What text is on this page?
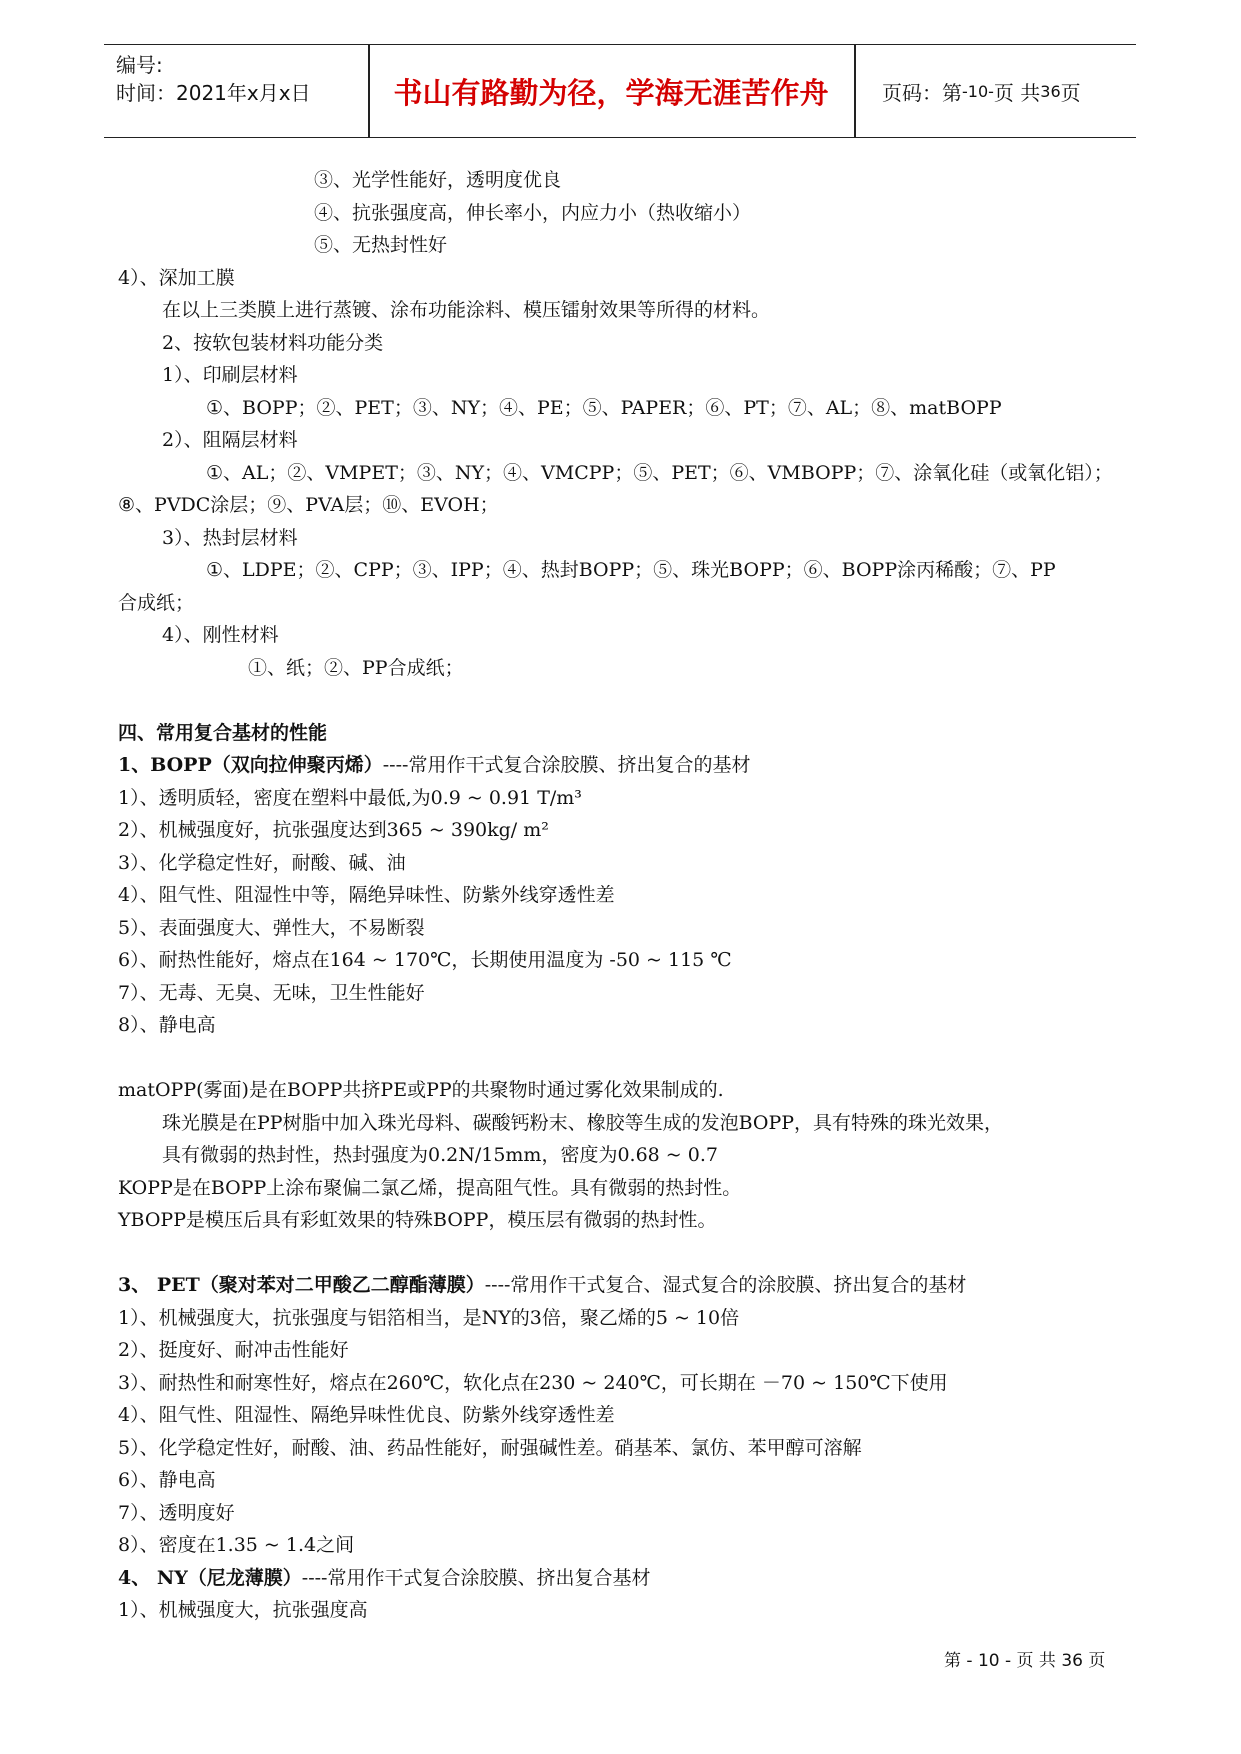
编号:
时间：2021年x月x日	书山有路勤为径，学海无涯苦作舟	页码：第 -10- 页 共 36 页
③、光学性能好，透明度优良
④、抗张强度高，伸长率小，内应力小（热收缩小）
⑤、无热封性好
4）、深加工膜
在以上三类膜上进行蒸镀、涂布功能涂料、模压镭射效果等所得的材料。
2、按软包装材料功能分类
1）、印刷层材料
①、BOPP；②、PET；③、NY；④、PE；⑤、PAPER；⑥、PT；⑦、AL；⑧、matBOPP
2）、阻隔层材料
①、AL；②、VMPET；③、NY；④、VMCPP；⑤、PET；⑥、VMBOPP；⑦、涂氧化硅（或氧化铝）；
⑧、PVDC涂层；⑨、PVA层；⑩、EVOH；
3）、热封层材料
①、LDPE；②、CPP；③、IPP；④、热封BOPP；⑤、珠光BOPP；⑥、BOPP涂丙稀酸；⑦、PP
合成纸；
4）、刚性材料
①、纸；②、PP合成纸；
四、常用复合基材的性能
1、BOPP（双向拉伸聚丙烯）----常用作干式复合涂胶膜、挤出复合的基材
1）、透明质轻，密度在塑料中最低,为0.9 ~ 0.91 T/m³
2）、机械强度好，抗张强度达到365 ~ 390kg/ m²
3）、化学稳定性好，耐酸、碱、油
4）、阻气性、阻湿性中等，隔绝异味性、防紫外线穿透性差
5）、表面强度大、弹性大，不易断裂
6）、耐热性能好，熔点在164 ~ 170℃，长期使用温度为 -50 ~ 115 ℃
7）、无毒、无臭、无味，卫生性能好
8）、静电高
matOPP(雾面)是在BOPP共挤PE或PP的共聚物时通过雾化效果制成的.
珠光膜是在PP树脂中加入珠光母料、碳酸钙粉末、橡胶等生成的发泡BOPP，具有特殊的珠光效果，
具有微弱的热封性，热封强度为0.2N/15mm，密度为0.68 ~ 0.7
KOPP是在BOPP上涂布聚偏二氯乙烯，提高阻气性。具有微弱的热封性。
YBOPP是模压后具有彩虹效果的特殊BOPP，模压层有微弱的热封性。
3、 PET（聚对苯对二甲酸乙二醇酯薄膜）----常用作干式复合、湿式复合的涂胶膜、挤出复合的基材
1）、机械强度大，抗张强度与铝箔相当，是NY的3倍，聚乙烯的5 ~ 10倍
2）、挺度好、耐冲击性能好
3）、耐热性和耐寒性好，熔点在260℃，软化点在230 ~ 240℃，可长期在 －70 ~ 150℃下使用
4）、阻气性、阻湿性、隔绝异味性优良、防紫外线穿透性差
5）、化学稳定性好，耐酸、油、药品性能好，耐强碱性差。硝基苯、氯仿、苯甲醇可溶解
6）、静电高
7）、透明度好
8）、密度在1.35 ~ 1.4之间
4、 NY（尼龙薄膜）----常用作干式复合涂胶膜、挤出复合基材
1）、机械强度大，抗张强度高
第 - 10 - 页 共 36 页
